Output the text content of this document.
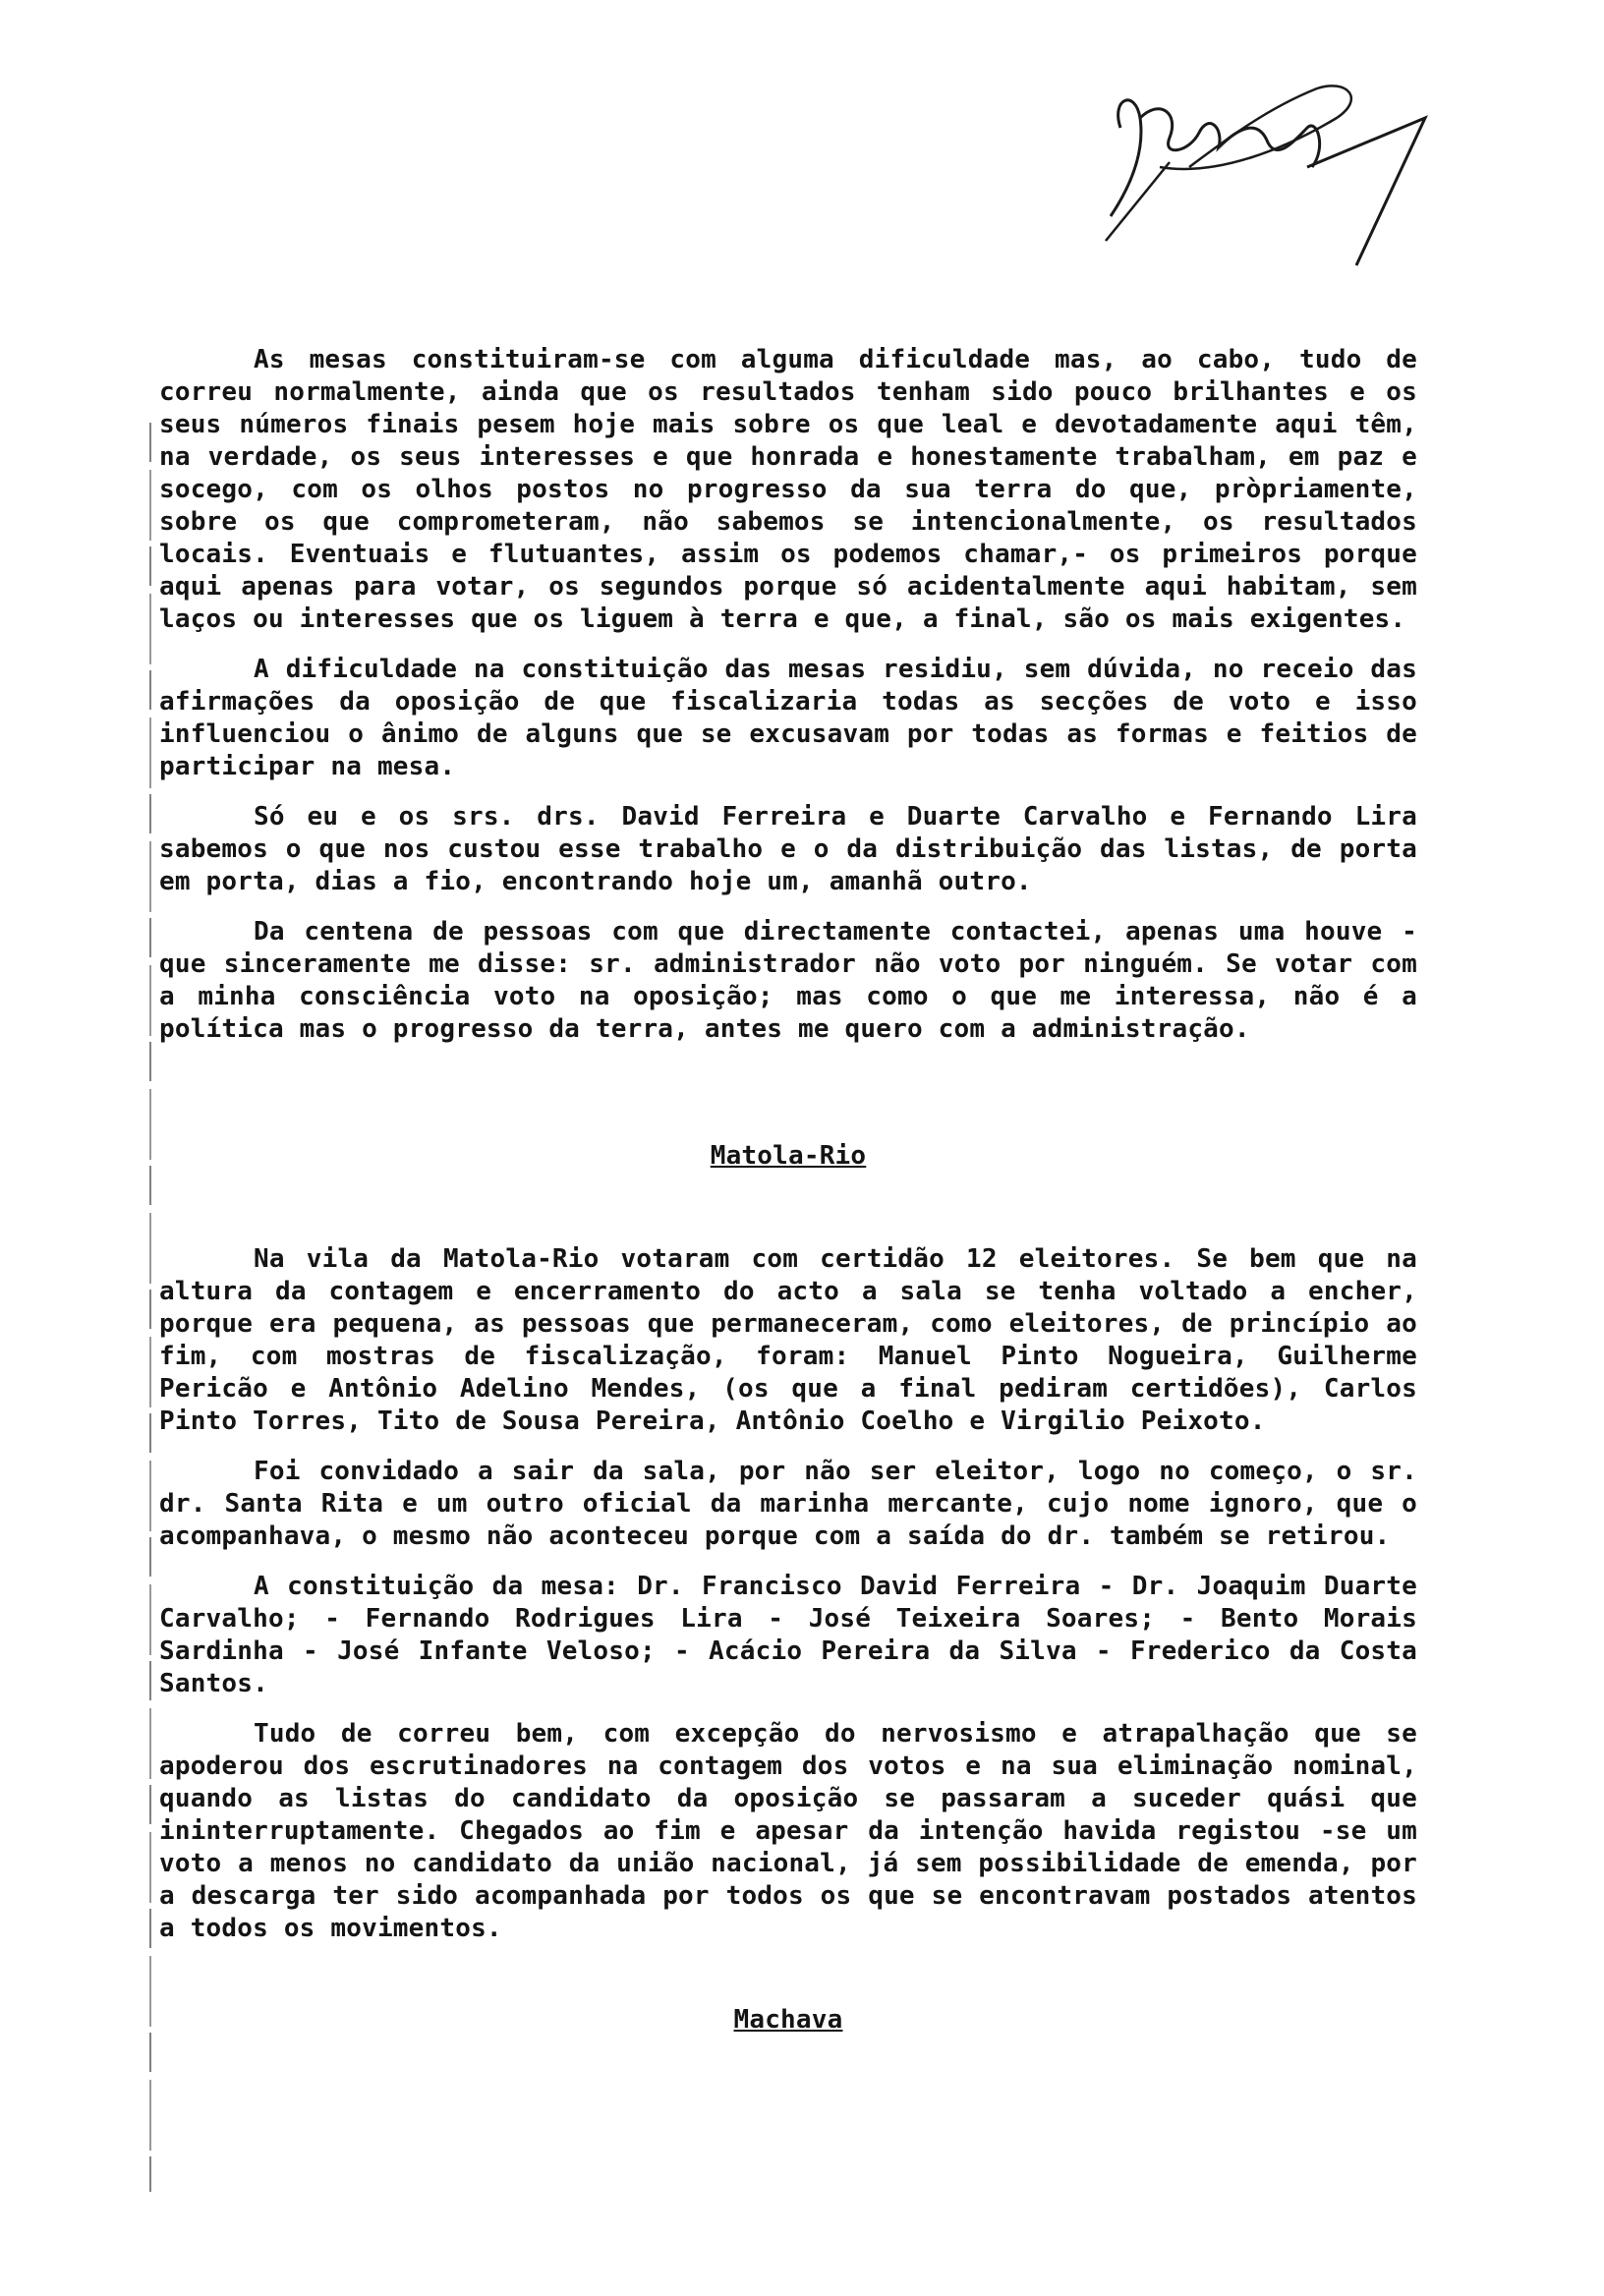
As mesas constituiram-se com alguma dificuldade mas, ao cabo, tudo de correu normalmente, ainda que os resultados tenham sido pouco brilhantes e os seus números finais pesem hoje mais sobre os que leal e devotadamente aqui têm, na verdade, os seus interesses e que honrada e honestamente trabalham, em paz e socego, com os olhos postos no progresso da sua terra do que, pròpriamente, sobre os que comprometeram, não sabemos se intencionalmente, os resultados locais. Eventuais e flutuantes, assim os podemos chamar,- os primeiros porque aqui apenas para votar, os segundos porque só acidentalmente aqui habitam, sem laços ou interesses que os liguem à terra e que, a final, são os mais exigentes.

A dificuldade na constituição das mesas residiu, sem dúvida, no receio das afirmações da oposição de que fiscalizaria todas as secções de voto e isso influenciou o ânimo de alguns que se excusavam por todas as formas e feitios de participar na mesa.

Só eu e os srs. drs. David Ferreira e Duarte Carvalho e Fernando Lira sabemos o que nos custou esse trabalho e o da distribuição das listas, de porta em porta, dias a fio, encontrando hoje um, amanhã outro.

Da centena de pessoas com que directamente contactei, apenas uma houve - que sinceramente me disse: sr. administrador não voto por ninguém. Se votar com a minha consciência voto na oposição; mas como o que me interessa, não é a política mas o progresso da terra, antes me quero com a administração.

Matola-Rio

Na vila da Matola-Rio votaram com certidão 12 eleitores. Se bem que na altura da contagem e encerramento do acto a sala se tenha voltado a encher, porque era pequena, as pessoas que permaneceram, como eleitores, de princípio ao fim, com mostras de fiscalização, foram: Manuel Pinto Nogueira, Guilherme Pericão e Antônio Adelino Mendes, (os que a final pediram certidões), Carlos Pinto Torres, Tito de Sousa Pereira, Antônio Coelho e Virgilio Peixoto.

Foi convidado a sair da sala, por não ser eleitor, logo no começo, o sr. dr. Santa Rita e um outro oficial da marinha mercante, cujo nome ignoro, que o acompanhava, o mesmo não aconteceu porque com a saída do dr. também se retirou.

A constituição da mesa: Dr. Francisco David Ferreira - Dr. Joaquim Duarte Carvalho; - Fernando Rodrigues Lira - José Teixeira Soares; - Bento Morais Sardinha - José Infante Veloso; - Acácio Pereira da Silva - Frederico da Costa Santos.

Tudo de correu bem, com excepção do nervosismo e atrapalhação que se apoderou dos escrutinadores na contagem dos votos e na sua eliminação nominal, quando as listas do candidato da oposição se passaram a suceder quási que ininterruptamente. Chegados ao fim e apesar da intenção havida registou -se um voto a menos no candidato da união nacional, já sem possibilidade de emenda, por a descarga ter sido acompanhada por todos os que se encontravam postados atentos a todos os movimentos.

Machava
